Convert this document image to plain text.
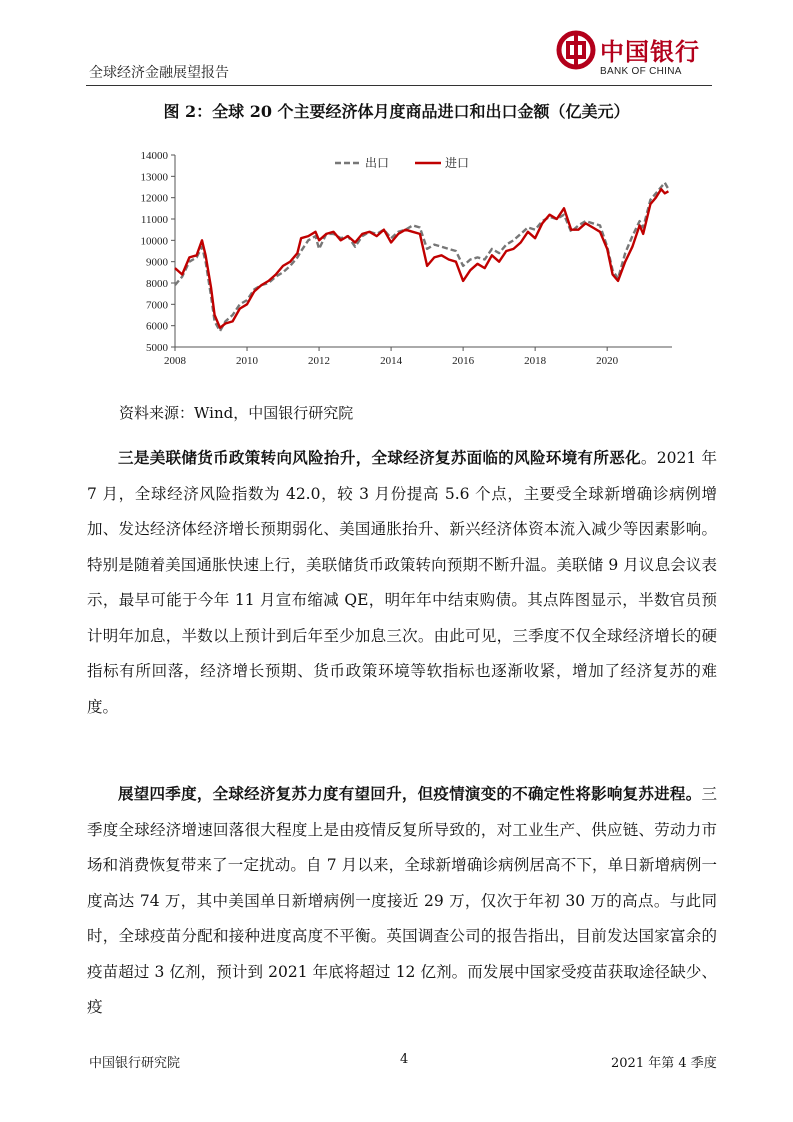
全球经济金融展望报告
中国银行
BANK OF CHINA
图 2：全球 20 个主要经济体月度商品进口和出口金额（亿美元）
5000
6000
7000
8000
9000
10000
11000
12000
13000
14000
2008	2010	2012	2014	2016	2018	2020
出口	进口
资料来源：Wind，中国银行研究院
三是美联储货币政策转向风险抬升，全球经济复苏面临的风险环境有所恶化。2021 年 7 月，全球经济风险指数为 42.0，较 3 月份提高 5.6 个点，主要受全球新增确诊病例增加、发达经济体经济增长预期弱化、美国通胀抬升、新兴经济体资本流入减少等因素影响。特别是随着美国通胀快速上行，美联储货币政策转向预期不断升温。美联储 9 月议息会议表示，最早可能于今年 11 月宣布缩减 QE，明年年中结束购债。其点阵图显示，半数官员预计明年加息，半数以上预计到后年至少加息三次。由此可见，三季度不仅全球经济增长的硬指标有所回落，经济增长预期、货币政策环境等软指标也逐渐收紧，增加了经济复苏的难度。
展望四季度，全球经济复苏力度有望回升，但疫情演变的不确定性将影响复苏进程。三季度全球经济增速回落很大程度上是由疫情反复所导致的，对工业生产、供应链、劳动力市场和消费恢复带来了一定扰动。自 7 月以来，全球新增确诊病例居高不下，单日新增病例一度高达 74 万，其中美国单日新增病例一度接近 29 万，仅次于年初 30 万的高点。与此同时，全球疫苗分配和接种进度高度不平衡。英国调查公司的报告指出，目前发达国家富余的疫苗超过 3 亿剂，预计到 2021 年底将超过 12 亿剂。而发展中国家受疫苗获取途径缺少、疫
中国银行研究院	4	2021 年第 4 季度
